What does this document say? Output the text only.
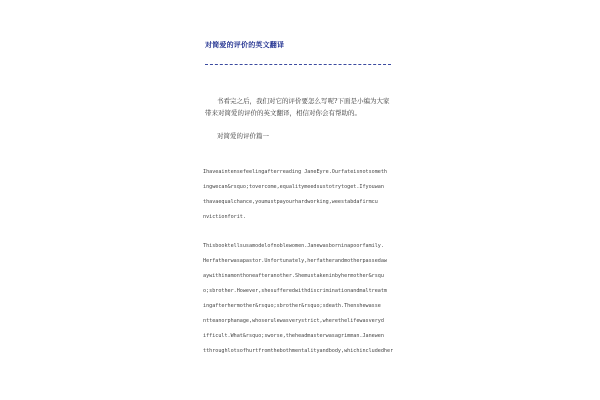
对简爱的评价的英文翻译
书看完之后，我们对它的评价要怎么写呢?下面是小编为大家
带来对简爱的评价的英文翻译，相信对你会有帮助的。
对简爱的评价篇一
Ihaveaintensefeelingafterreading JaneEyre.Ourfateisnotsometh
ingwecan&rsquo;tovercome,equalitymeedsustotrytoget.Ifyouwan
thavaequalchance,youmustpayourhardworking,weestabdafirmcu
nvictionforit.
Thisbooktellsusamodelofnoblewomen.Janewasborninapoorfamily.
Herfatherwasapastor.Unfortunately,herfatherandmotherpassedaw
aywithinamonthoneafteranother.Shemustakeninbyhermother&rsqu
o;sbrother.However,shesufferedwithdiscriminationandmaltreatm
ingafterhermother&rsquo;sbrother&rsquo;sdeath.Thenshewasse
ntteanorphanage,whoserulewasverystrict,wherethelifewasveryd
ifficult.What&rsquo;sworse,theheadmasterwasagrimman.Janewen
tthroughlotsofhurtfromthebothmentalityandbody,whichincludedher
